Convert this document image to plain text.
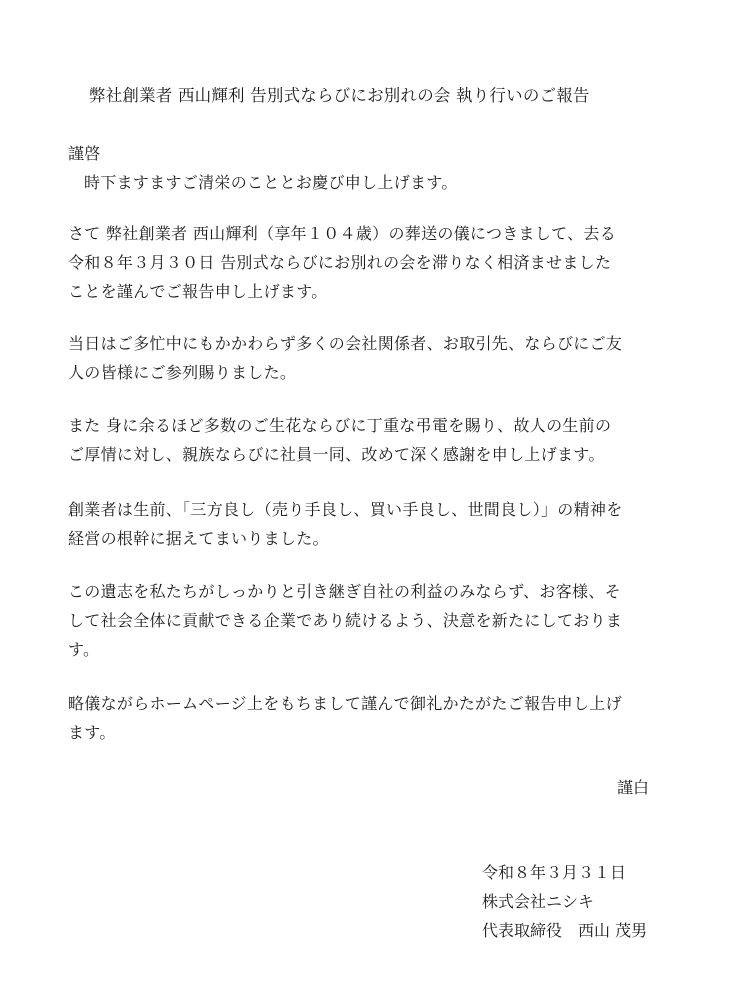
弊社創業者 西山輝利 告別式ならびにお別れの会 執り行いのご報告
謹啓
時下ますますご清栄のこととお慶び申し上げます。
さて 弊社創業者 西山輝利（享年１０４歳）の葬送の儀につきまして、去る
令和８年３月３０日 告別式ならびにお別れの会を滞りなく相済ませました
ことを謹んでご報告申し上げます。
当日はご多忙中にもかかわらず多くの会社関係者、お取引先、ならびにご友
人の皆様にご参列賜りました。
また 身に余るほど多数のご生花ならびに丁重な弔電を賜り、故人の生前の
ご厚情に対し、親族ならびに社員一同、改めて深く感謝を申し上げます。
創業者は生前、「三方良し（売り手良し、買い手良し、世間良し）」の精神を
経営の根幹に据えてまいりました。
この遺志を私たちがしっかりと引き継ぎ自社の利益のみならず、お客様、そ
して社会全体に貢献できる企業であり続けるよう、決意を新たにしておりま
す。
略儀ながらホームページ上をもちまして謹んで御礼かたがたご報告申し上げ
ます。
謹白
令和８年３月３１日
株式会社ニシキ
代表取締役　西山 茂男
